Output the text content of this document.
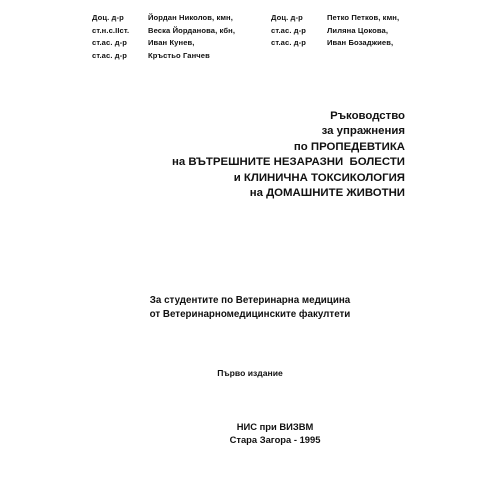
Доц. д-р	Йордан Николов, кмн,
ст.н.с.IIст.	Веска Йорданова, кбн,
ст.ас. д-р	Иван Кунев,
ст.ас. д-р	Кръстьо Ганчев
Доц. д-р	Петко Петков, кмн,
ст.ас. д-р	Лиляна Цокова,
ст.ас. д-р	Иван Бозаджиев,
Ръководство
за упражнения
по ПРОПЕДЕВТИКА
на ВЪТРЕШНИТЕ НЕЗАРАЗНИ  БОЛЕСТИ
и КЛИНИЧНА ТОКСИКОЛОГИЯ
на ДОМАШНИТЕ ЖИВОТНИ
За студентите по Ветеринарна медицина
от Ветеринарномедицинските факултети
Първо издание
НИС при ВИЗВМ
Стара Загора - 1995
